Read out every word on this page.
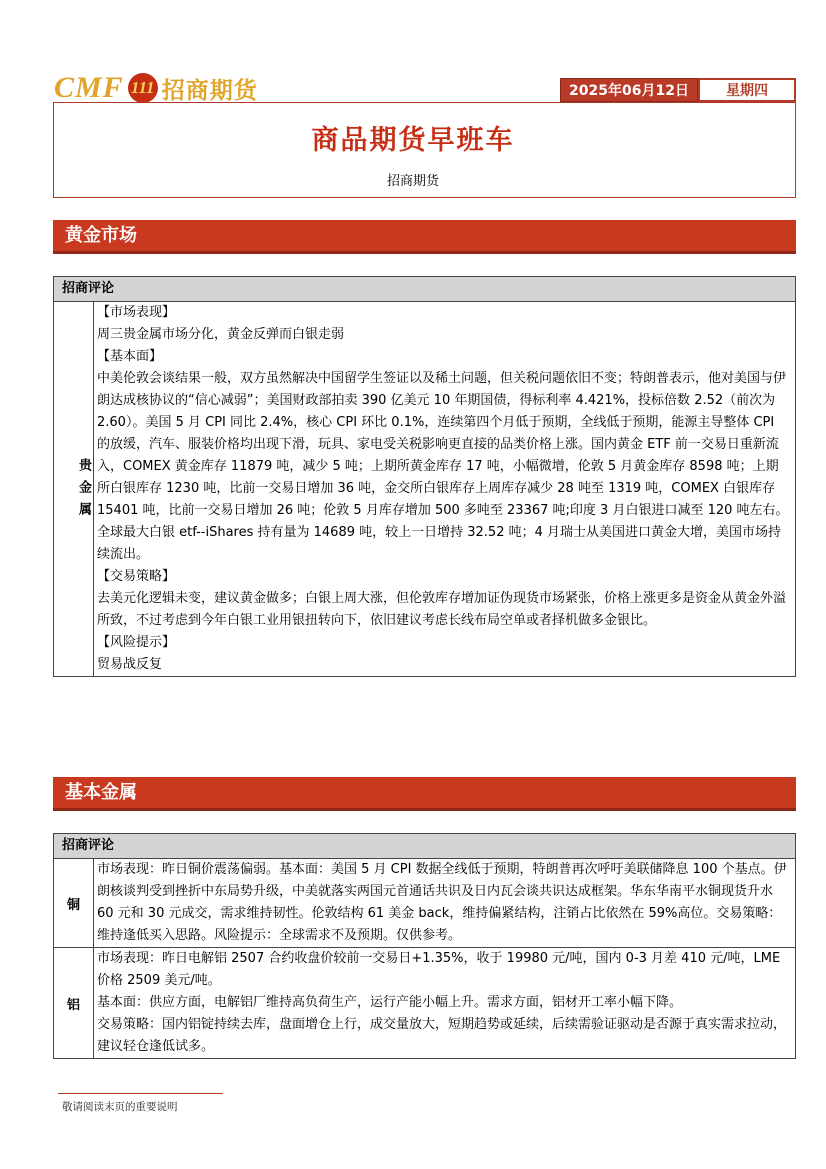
CMF 111 招商期货	2025年06月12日	星期四
商品期货早班车
招商期货
黄金市场
招商评论
贵金属

【市场表现】

周三贵金属市场分化，黄金反弹而白银走弱

【基本面】

中美伦敦会谈结果一般，双方虽然解决中国留学生签证以及稀土问题，但关税问题依旧不变；特朗普表示，他对美国与伊朗达成核协议的“信心减弱”；美国财政部拍卖 390 亿美元 10 年期国债，得标利率 4.421%，投标倍数 2.52（前次为 2.60）。美国 5 月 CPI 同比 2.4%，核心 CPI 环比 0.1%，连续第四个月低于预期，全线低于预期，能源主导整体 CPI 的放缓，汽车、服装价格均出现下滑，玩具、家电受关税影响更直接的品类价格上涨。国内黄金 ETF 前一交易日重新流入，COMEX 黄金库存 11879 吨，减少 5 吨；上期所黄金库存 17 吨，小幅微增，伦敦 5 月黄金库存 8598 吨；上期所白银库存 1230 吨，比前一交易日增加 36 吨，金交所白银库存上周库存减少 28 吨至 1319 吨，COMEX 白银库存 15401 吨，比前一交易日增加 26 吨；伦敦 5 月库存增加 500 多吨至 23367 吨;印度 3 月白银进口减至 120 吨左右。全球最大白银 etf--iShares 持有量为 14689 吨，较上一日增持 32.52 吨；4 月瑞士从美国进口黄金大增，美国市场持续流出。

【交易策略】

去美元化逻辑未变，建议黄金做多；白银上周大涨，但伦敦库存增加证伪现货市场紧张，价格上涨更多是资金从黄金外溢所致，不过考虑到今年白银工业用银扭转向下，依旧建议考虑长线布局空单或者择机做多金银比。

【风险提示】

贸易战反复

基本金属
招商评论
铜

市场表现：昨日铜价震荡偏弱。基本面：美国 5 月 CPI 数据全线低于预期，特朗普再次呼吁美联储降息 100 个基点。伊朗核谈判受到挫折中东局势升级，中美就落实两国元首通话共识及日内瓦会谈共识达成框架。华东华南平水铜现货升水 60 元和 30 元成交，需求维持韧性。伦敦结构 61 美金 back，维持偏紧结构，注销占比依然在 59%高位。交易策略：维持逢低买入思路。风险提示：全球需求不及预期。仅供参考。

铝

市场表现：昨日电解铝 2507 合约收盘价较前一交易日+1.35%，收于 19980 元/吨，国内 0-3 月差 410 元/吨，LME 价格 2509 美元/吨。

基本面：供应方面，电解铝厂维持高负荷生产，运行产能小幅上升。需求方面，铝材开工率小幅下降。

交易策略：国内铝锭持续去库，盘面增仓上行，成交量放大，短期趋势或延续，后续需验证驱动是否源于真实需求拉动，建议轻仓逢低试多。

敬请阅读末页的重要说明
